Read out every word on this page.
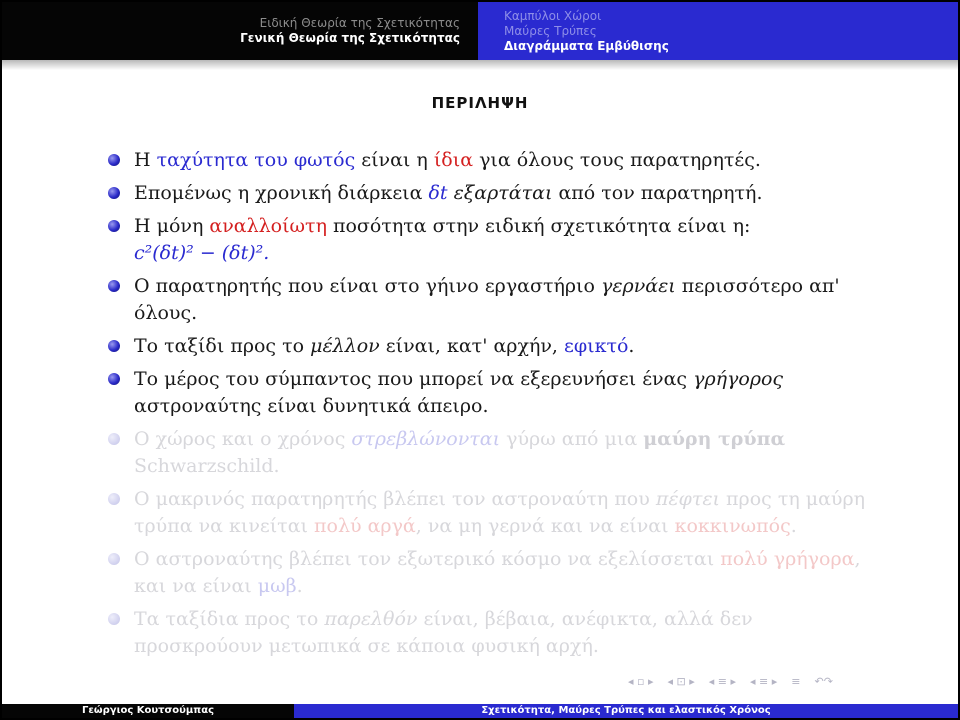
Ειδική Θεωρία της Σχετικότητας
Γενική Θεωρία της Σχετικότητας
Καμπύλοι Χώροι
Μαύρες Τρύπες
Διαγράμματα Εμβύθισης
ΠΕΡΙΛΗΨΗ
Η ταχύτητα του φωτός είναι η ίδια για όλους τους παρατηρητές.
Επομένως η χρονική διάρκεια δt εξαρτάται από τον παρατηρητή.
Η μόνη αναλλοίωτη ποσότητα στην ειδική σχετικότητα είναι η:
c²(δt)² − (δt)².
Ο παρατηρητής που είναι στο γήινο εργαστήριο γερνάει περισσότερο απ' όλους.
Το ταξίδι προς το μέλλον είναι, κατ' αρχήν, εφικτό.
Το μέρος του σύμπαντος που μπορεί να εξερευνήσει ένας γρήγορος αστροναύτης είναι δυνητικά άπειρο.
Ο χώρος και ο χρόνος στρεβλώνονται γύρω από μια μαύρη τρύπα Schwarzschild.
Ο μακρινός παρατηρητής βλέπει τον αστροναύτη που πέφτει προς τη μαύρη τρύπα να κινείται πολύ αργά, να μη γερνά και να είναι κοκκινωπός.
Ο αστροναύτης βλέπει τον εξωτερικό κόσμο να εξελίσσεται πολύ γρήγορα, και να είναι μωβ.
Τα ταξίδια προς το παρελθόν είναι, βέβαια, ανέφικτα, αλλά δεν προσκρούουν μετωπικά σε κάποια φυσική αρχή.
◂ ▫ ▸ ◂ ⊡ ▸ ◂ ≡ ▸ ◂ ≡ ▸ ≡ ↶↷
Γεώργιος Κουτσούμπας	Σχετικότητα, Μαύρες Τρύπες και ελαστικός Χρόνος
